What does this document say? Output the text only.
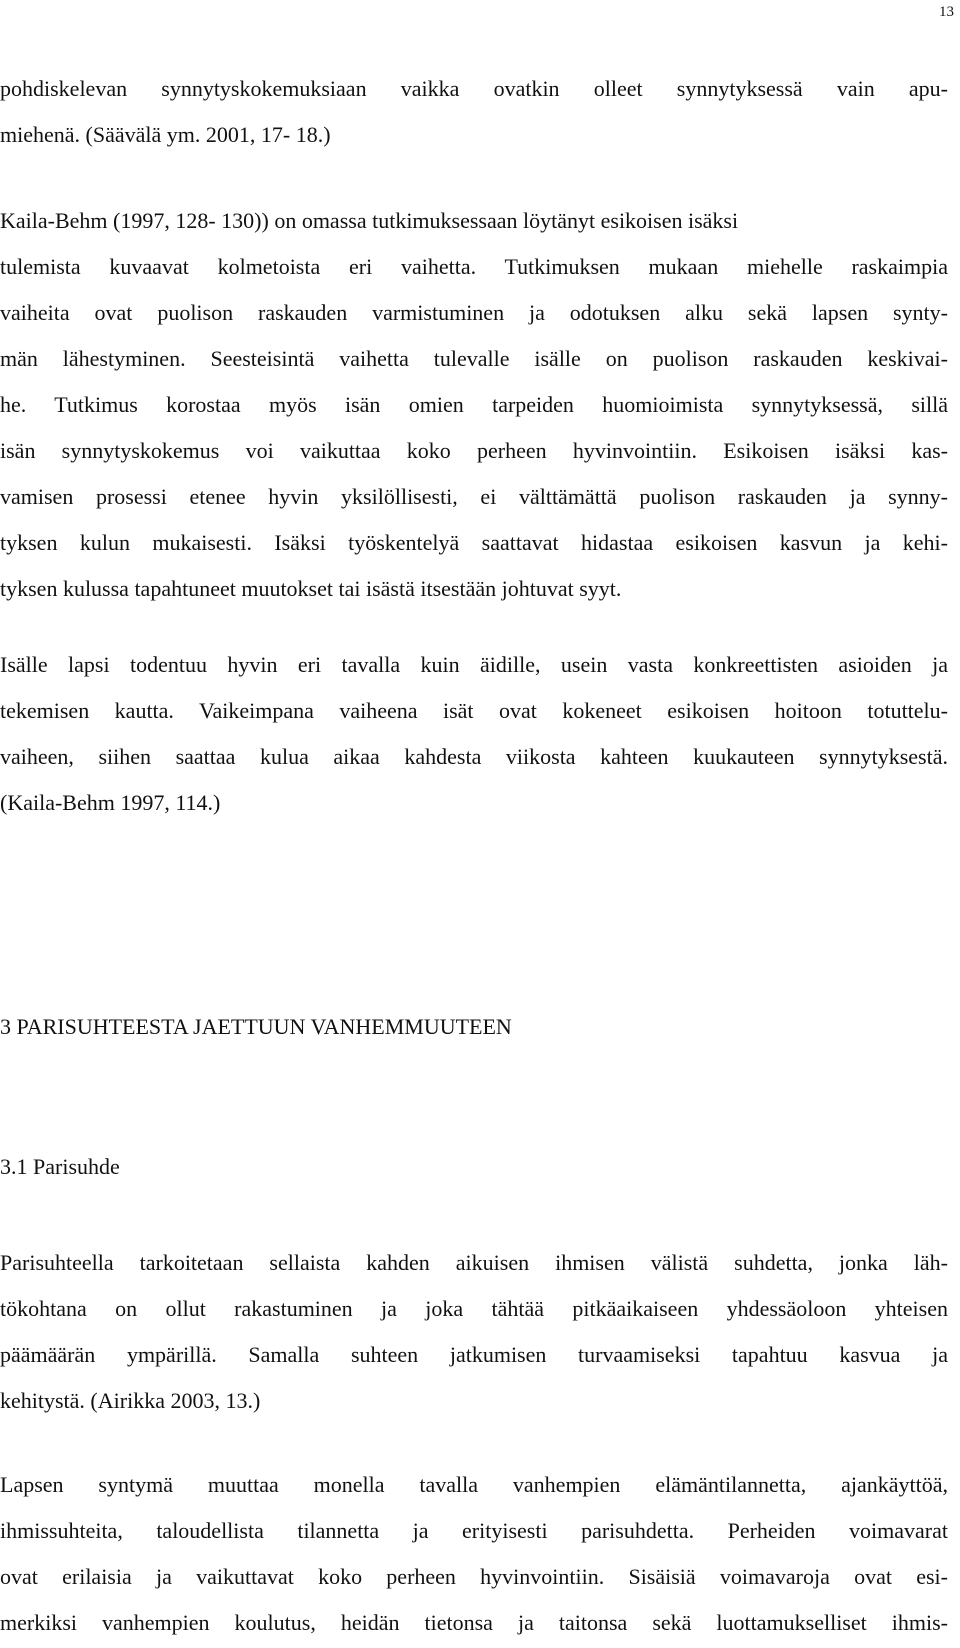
13
pohdiskelevan synnytyskokemuksiaan vaikka ovatkin olleet synnytyksessä vain apu-
miehenä. (Säävälä ym. 2001, 17- 18.)
Kaila-Behm (1997, 128- 130)) on omassa tutkimuksessaan löytänyt esikoisen isäksi
tulemista kuvaavat kolmetoista eri vaihetta. Tutkimuksen mukaan miehelle raskaimpia
vaiheita ovat puolison raskauden varmistuminen ja odotuksen alku sekä lapsen synty-
män lähestyminen. Seesteisintä vaihetta tulevalle isälle on puolison raskauden keskivai-
he. Tutkimus korostaa myös isän omien tarpeiden huomioimista synnytyksessä, sillä
isän synnytyskokemus voi vaikuttaa koko perheen hyvinvointiin. Esikoisen isäksi kas-
vamisen prosessi etenee hyvin yksilöllisesti, ei välttämättä puolison raskauden ja synny-
tyksen kulun mukaisesti. Isäksi työskentelyä saattavat hidastaa esikoisen kasvun ja kehi-
tyksen kulussa tapahtuneet muutokset tai isästä itsestään johtuvat syyt.
Isälle lapsi todentuu hyvin eri tavalla kuin äidille, usein vasta konkreettisten asioiden ja
tekemisen kautta. Vaikeimpana vaiheena isät ovat kokeneet esikoisen hoitoon totuttelu-
vaiheen, siihen saattaa kulua aikaa kahdesta viikosta kahteen kuukauteen synnytyksestä.
(Kaila-Behm 1997, 114.)
3 PARISUHTEESTA JAETTUUN VANHEMMUUTEEN
3.1 Parisuhde
Parisuhteella tarkoitetaan sellaista kahden aikuisen ihmisen välistä suhdetta, jonka läh-
tökohtana on ollut rakastuminen ja joka tähtää pitkäaikaiseen yhdessäoloon yhteisen
päämäärän ympärillä. Samalla suhteen jatkumisen turvaamiseksi tapahtuu kasvua ja
kehitystä. (Airikka 2003, 13.)
Lapsen syntymä muuttaa monella tavalla vanhempien elämäntilannetta, ajankäyttöä,
ihmissuhteita, taloudellista tilannetta ja erityisesti parisuhdetta. Perheiden voimavarat
ovat erilaisia ja vaikuttavat koko perheen hyvinvointiin. Sisäisiä voimavaroja ovat esi-
merkiksi vanhempien koulutus, heidän tietonsa ja taitonsa sekä luottamukselliset ihmis-
